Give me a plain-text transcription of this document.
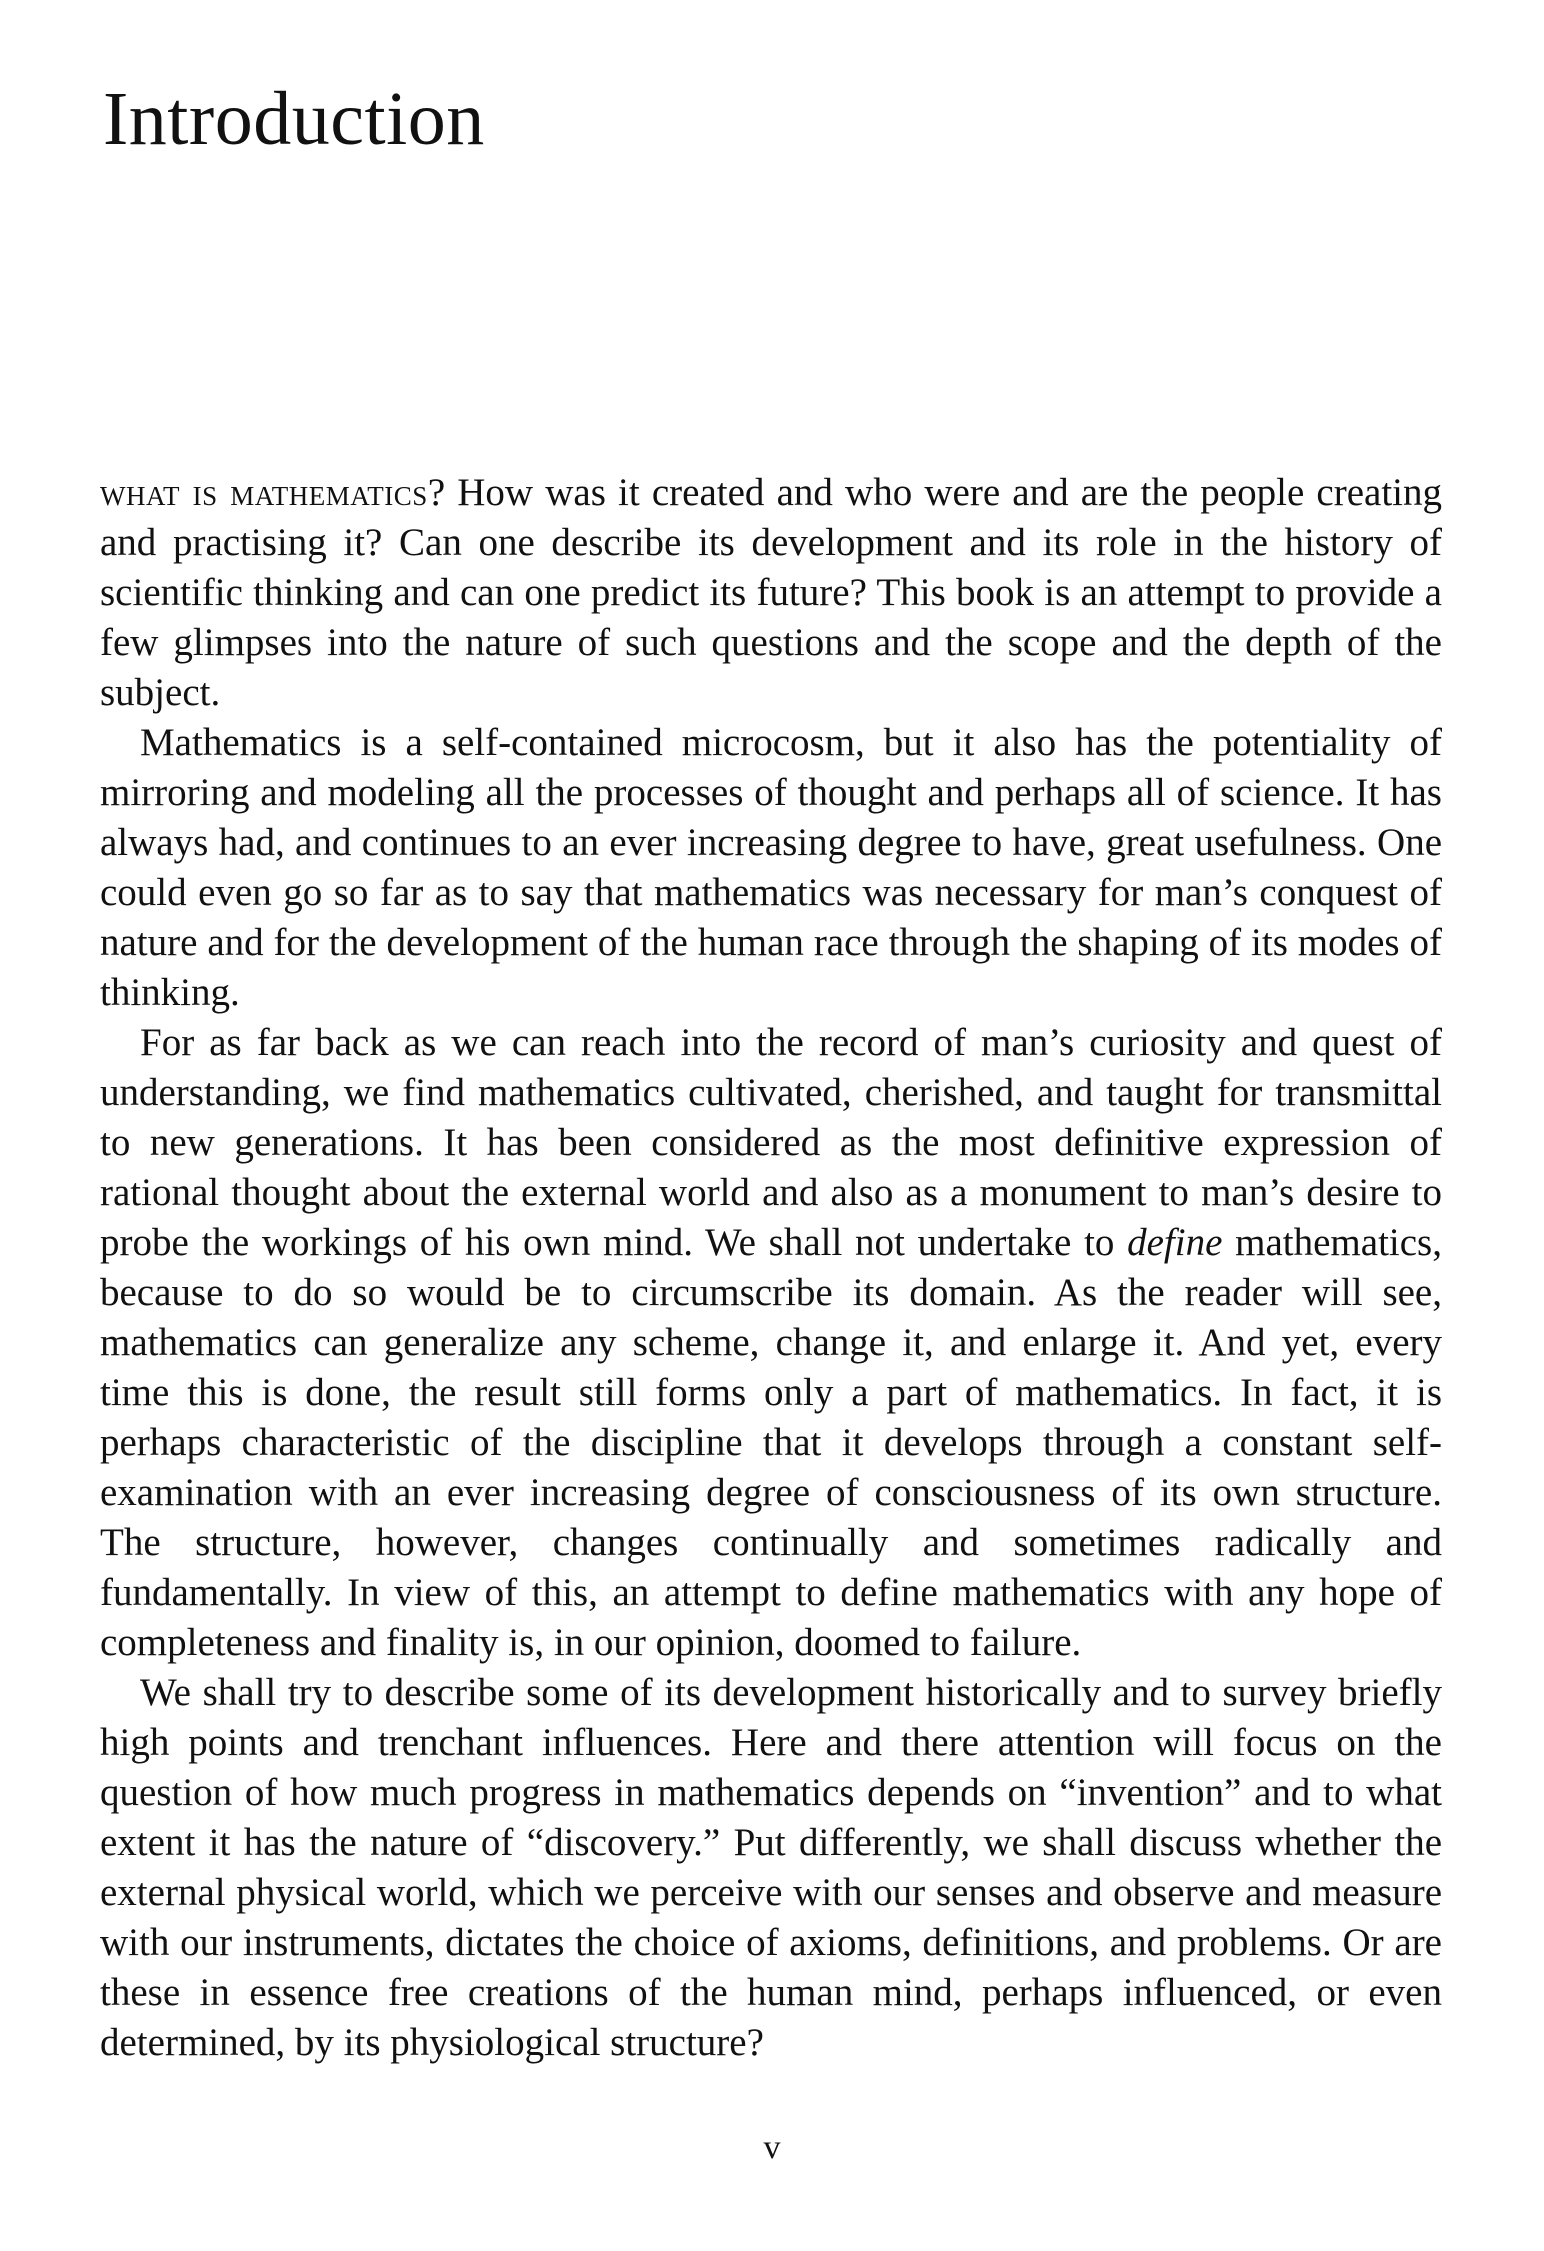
Introduction

what is mathematics? How was it created and who were and are the people creating and practising it? Can one describe its development and its role in the history of scientific thinking and can one predict its future? This book is an attempt to provide a few glimpses into the nature of such questions and the scope and the depth of the subject.

Mathematics is a self-contained microcosm, but it also has the potentiality of mirroring and modeling all the processes of thought and perhaps all of science. It has always had, and continues to an ever increasing degree to have, great usefulness. One could even go so far as to say that mathematics was necessary for man’s conquest of nature and for the development of the human race through the shaping of its modes of thinking.

For as far back as we can reach into the record of man’s curiosity and quest of understanding, we find mathematics cultivated, cherished, and taught for transmittal to new generations. It has been considered as the most definitive expression of rational thought about the external world and also as a monument to man’s desire to probe the workings of his own mind. We shall not undertake to define mathematics, because to do so would be to circumscribe its domain. As the reader will see, mathematics can generalize any scheme, change it, and enlarge it. And yet, every time this is done, the result still forms only a part of mathematics. In fact, it is perhaps characteristic of the discipline that it develops through a constant self-examination with an ever increasing degree of consciousness of its own structure. The structure, however, changes continually and sometimes radically and fundamentally. In view of this, an attempt to define mathematics with any hope of completeness and finality is, in our opinion, doomed to failure.

We shall try to describe some of its development historically and to survey briefly high points and trenchant influences. Here and there attention will focus on the question of how much progress in mathematics depends on “invention” and to what extent it has the nature of “discovery.” Put differently, we shall discuss whether the external physical world, which we perceive with our senses and observe and measure with our instruments, dictates the choice of axioms, definitions, and problems. Or are these in essence free creations of the human mind, perhaps influenced, or even determined, by its physiological structure?

v
